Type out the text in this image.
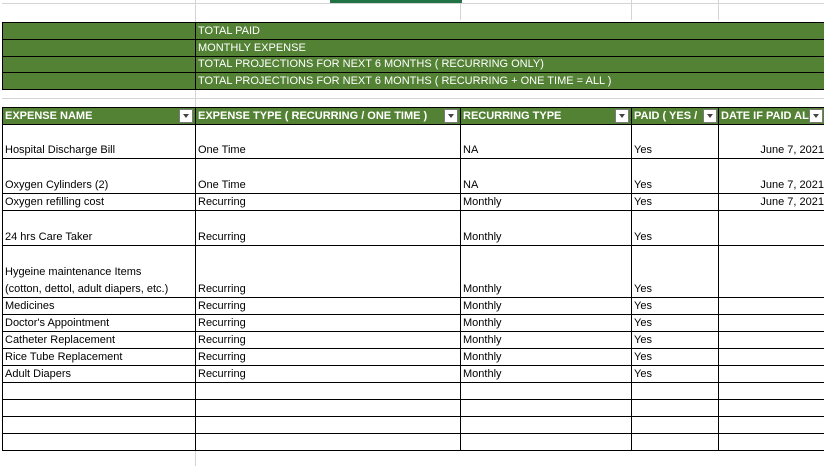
TOTAL PAID
MONTHLY EXPENSE
TOTAL PROJECTIONS FOR NEXT 6 MONTHS ( RECURRING ONLY)
TOTAL PROJECTIONS FOR NEXT 6 MONTHS ( RECURRING + ONE TIME = ALL )
EXPENSE NAME	EXPENSE TYPE ( RECURRING / ONE TIME )	RECURRING TYPE	PAID ( YES /	DATE IF PAID AL
Hospital Discharge Bill	One Time	NA	Yes	June 7, 2021
Oxygen Cylinders (2)	One Time	NA	Yes	June 7, 2021
Oxygen refilling cost	Recurring	Monthly	Yes	June 7, 2021
24 hrs Care Taker	Recurring	Monthly	Yes
Hygeine maintenance Items
(cotton, dettol, adult diapers, etc.)	Recurring	Monthly	Yes
Medicines	Recurring	Monthly	Yes
Doctor's Appointment	Recurring	Monthly	Yes
Catheter Replacement	Recurring	Monthly	Yes
Rice Tube Replacement	Recurring	Monthly	Yes
Adult Diapers	Recurring	Monthly	Yes
